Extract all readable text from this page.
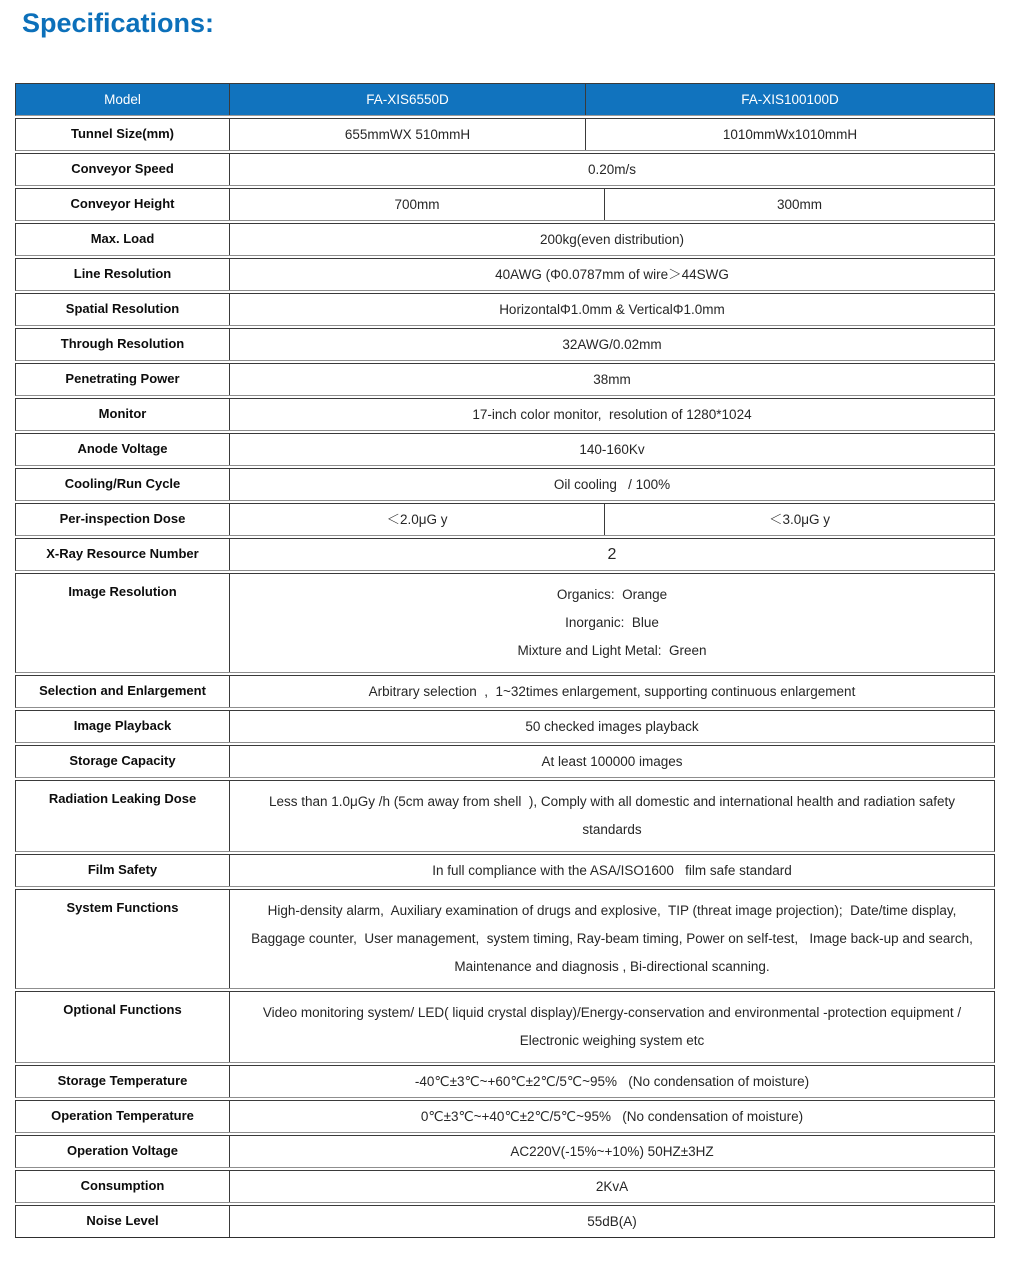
Specifications:
Model	FA-XIS6550D	FA-XIS100100D
Tunnel Size(mm)	655mmWX 510mmH	1010mmWx1010mmH
Conveyor Speed	0.20m/s
Conveyor Height	700mm	300mm
Max. Load	200kg(even distribution)
Line Resolution	40AWG (Φ0.0787mm of wire＞44SWG
Spatial Resolution	HorizontalΦ1.0mm & VerticalΦ1.0mm
Through Resolution	32AWG/0.02mm
Penetrating Power	38mm
Monitor	17-inch color monitor,  resolution of 1280*1024
Anode Voltage	140-160Kv
Cooling/Run Cycle	Oil cooling   / 100%
Per-inspection Dose	＜2.0μG y	＜3.0μG y
X-Ray Resource Number	2
Image Resolution	Organics:  Orange
Inorganic:  Blue
Mixture and Light Metal:  Green
Selection and Enlargement	Arbitrary selection  ,  1~32times enlargement, supporting continuous enlargement
Image Playback	50 checked images playback
Storage Capacity	At least 100000 images
Radiation Leaking Dose	Less than 1.0μGy /h (5cm away from shell  ), Comply with all domestic and international health and radiation safety standards
Film Safety	In full compliance with the ASA/ISO1600   film safe standard
System Functions	High-density alarm,  Auxiliary examination of drugs and explosive,  TIP (threat image projection);  Date/time display,  Baggage counter,  User management,  system timing, Ray-beam timing, Power on self-test,   Image back-up and search,  Maintenance and diagnosis , Bi-directional scanning.
Optional Functions	Video monitoring system/ LED( liquid crystal display)/Energy-conservation and environmental -protection equipment / Electronic weighing system etc
Storage Temperature	-40℃±3℃~+60℃±2℃/5℃~95%   (No condensation of moisture)
Operation Temperature	0℃±3℃~+40℃±2℃/5℃~95%   (No condensation of moisture)
Operation Voltage	AC220V(-15%~+10%) 50HZ±3HZ
Consumption	2KvA
Noise Level	55dB(A)
